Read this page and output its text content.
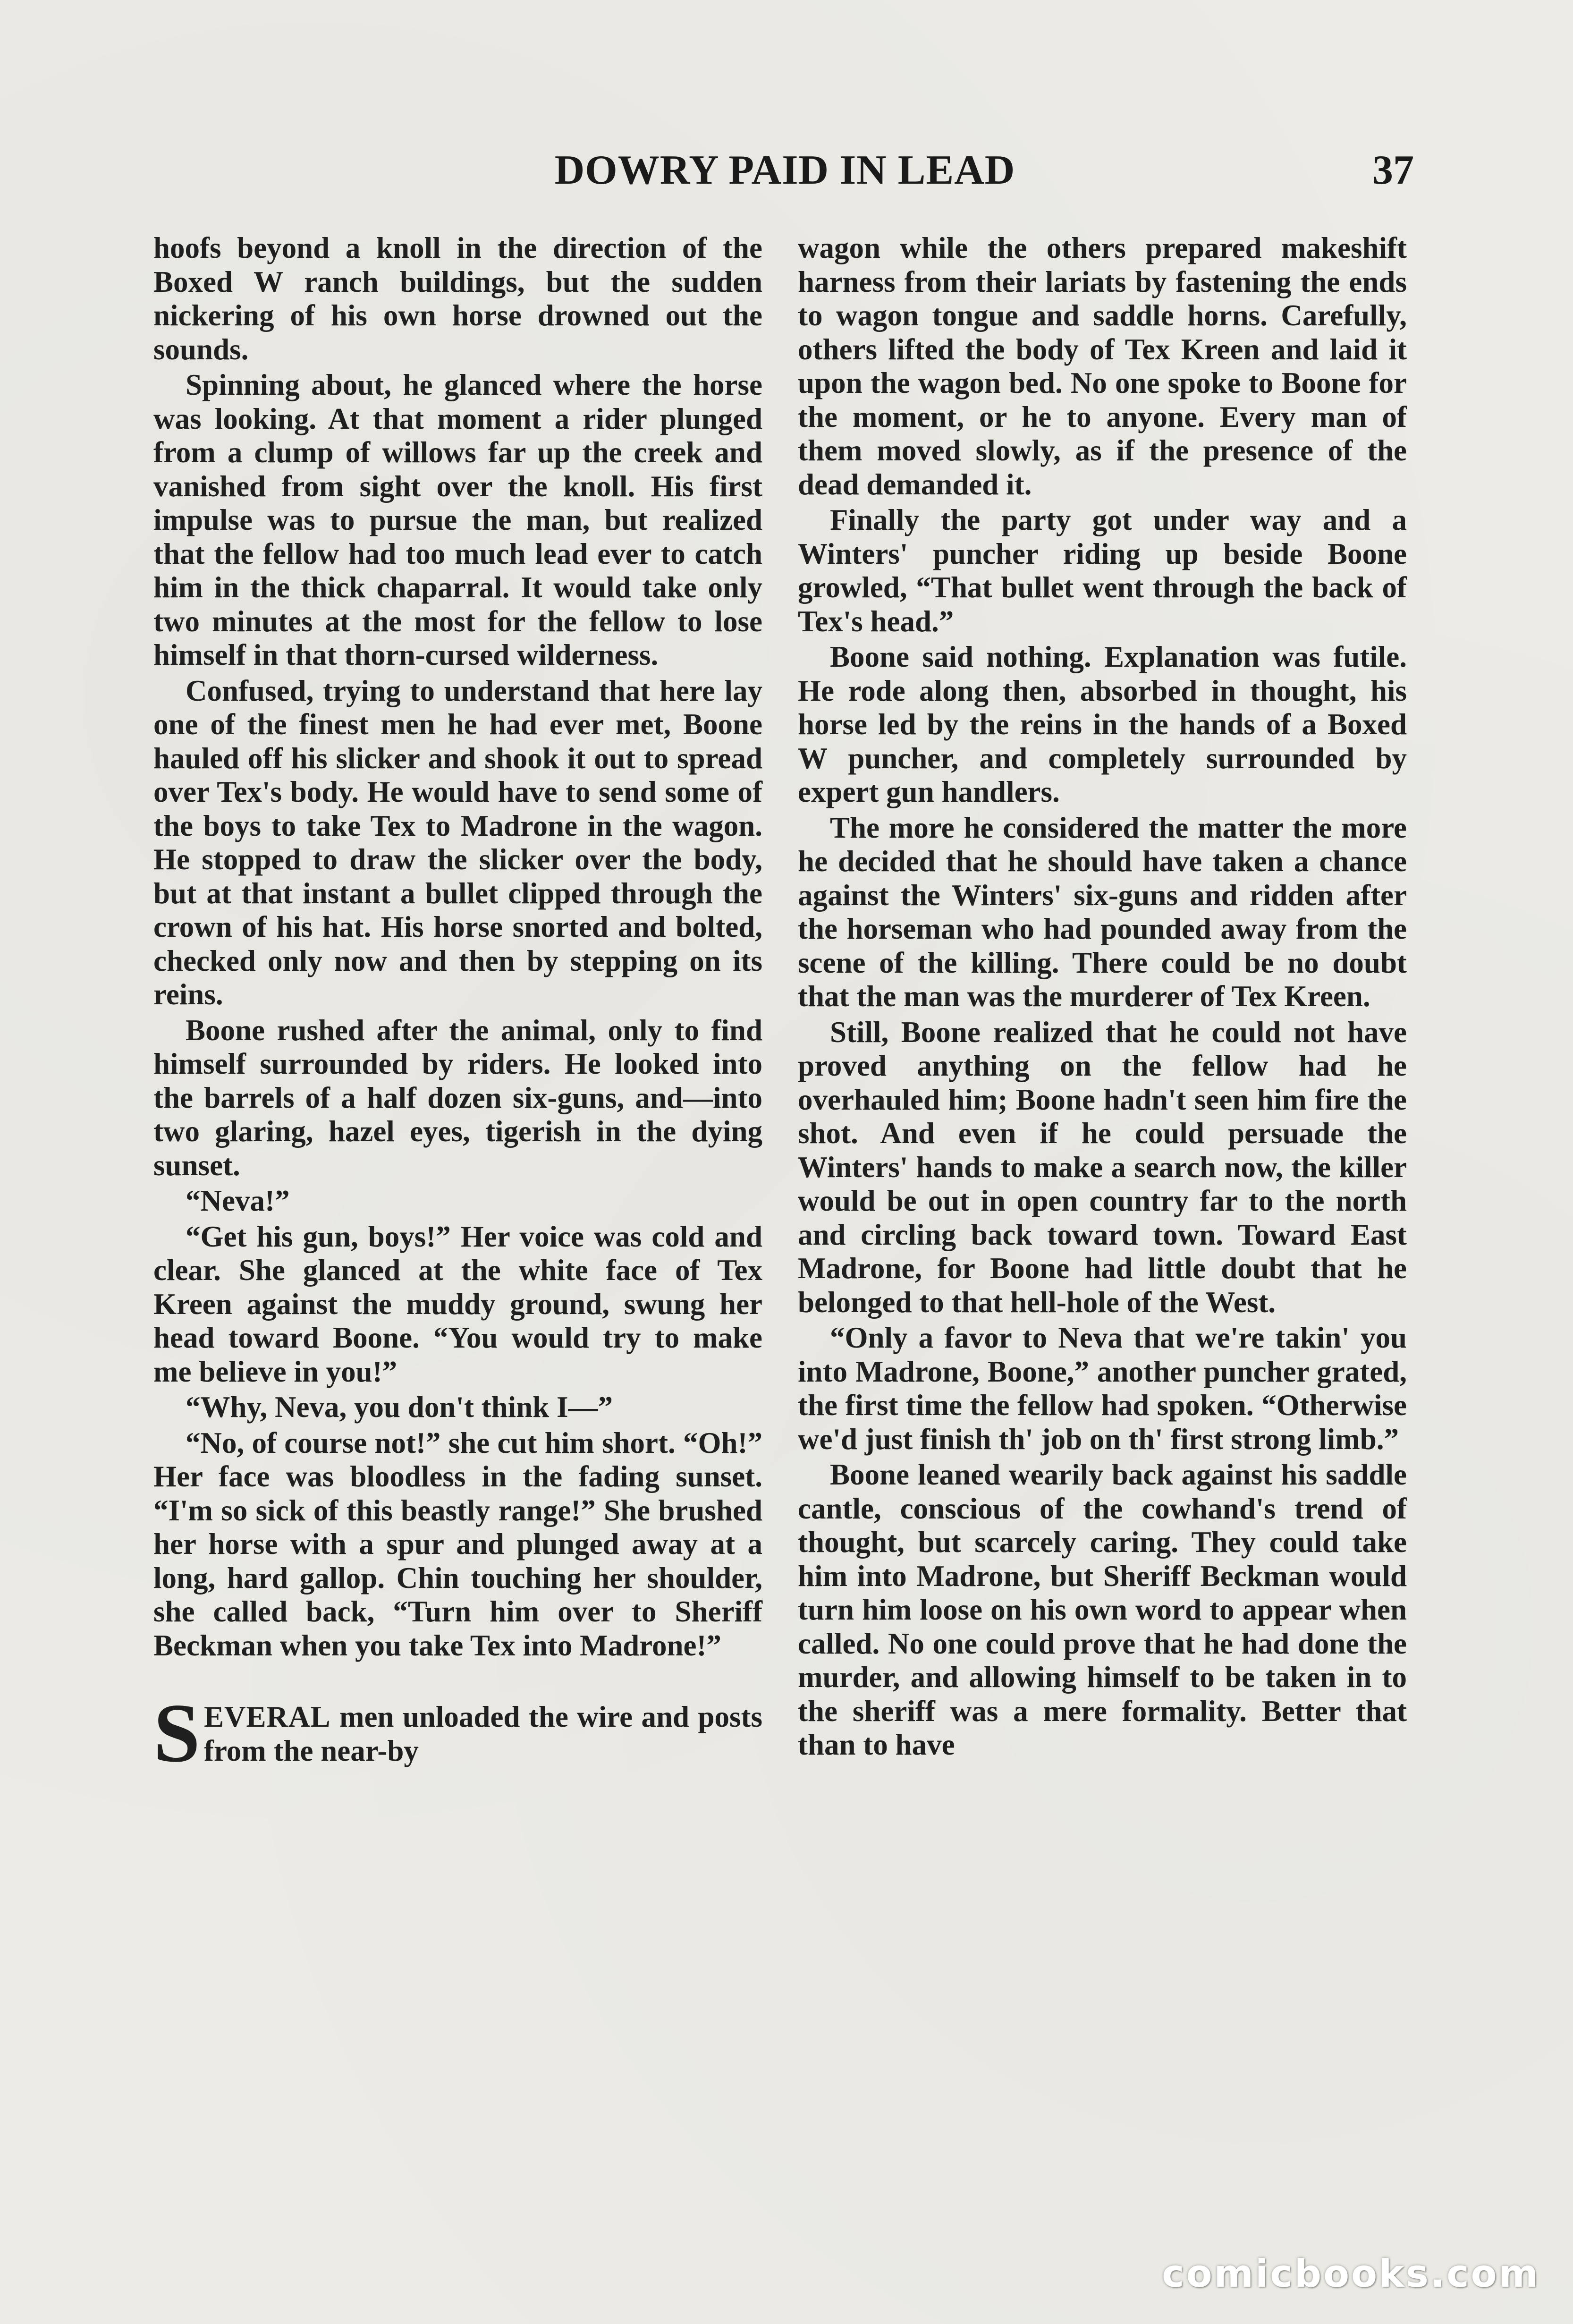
DOWRY PAID IN LEAD	37

hoofs beyond a knoll in the direction of the Boxed W ranch buildings, but the sudden nickering of his own horse drowned out the sounds.

Spinning about, he glanced where the horse was looking. At that moment a rider plunged from a clump of willows far up the creek and vanished from sight over the knoll. His first impulse was to pursue the man, but realized that the fellow had too much lead ever to catch him in the thick chaparral. It would take only two minutes at the most for the fellow to lose himself in that thorn-cursed wilderness.

Confused, trying to understand that here lay one of the finest men he had ever met, Boone hauled off his slicker and shook it out to spread over Tex's body. He would have to send some of the boys to take Tex to Madrone in the wagon. He stopped to draw the slicker over the body, but at that instant a bullet clipped through the crown of his hat. His horse snorted and bolted, checked only now and then by stepping on its reins.

Boone rushed after the animal, only to find himself surrounded by riders. He looked into the barrels of a half dozen six-guns, and—into two glaring, hazel eyes, tigerish in the dying sunset.

“Neva!”

“Get his gun, boys!” Her voice was cold and clear. She glanced at the white face of Tex Kreen against the muddy ground, swung her head toward Boone. “You would try to make me believe in you!”

“Why, Neva, you don't think I—”

“No, of course not!” she cut him short. “Oh!” Her face was bloodless in the fading sunset. “I'm so sick of this beastly range!” She brushed her horse with a spur and plunged away at a long, hard gallop. Chin touching her shoulder, she called back, “Turn him over to Sheriff Beckman when you take Tex into Madrone!”

SEVERAL men unloaded the wire and posts from the near-by

wagon while the others prepared makeshift harness from their lariats by fastening the ends to wagon tongue and saddle horns. Carefully, others lifted the body of Tex Kreen and laid it upon the wagon bed. No one spoke to Boone for the moment, or he to anyone. Every man of them moved slowly, as if the presence of the dead demanded it.

Finally the party got under way and a Winters' puncher riding up beside Boone growled, “That bullet went through the back of Tex's head.”

Boone said nothing. Explanation was futile. He rode along then, absorbed in thought, his horse led by the reins in the hands of a Boxed W puncher, and completely surrounded by expert gun handlers.

The more he considered the matter the more he decided that he should have taken a chance against the Winters' six-guns and ridden after the horseman who had pounded away from the scene of the killing. There could be no doubt that the man was the murderer of Tex Kreen.

Still, Boone realized that he could not have proved anything on the fellow had he overhauled him; Boone hadn't seen him fire the shot. And even if he could persuade the Winters' hands to make a search now, the killer would be out in open country far to the north and circling back toward town. Toward East Madrone, for Boone had little doubt that he belonged to that hell-hole of the West.

“Only a favor to Neva that we're takin' you into Madrone, Boone,” another puncher grated, the first time the fellow had spoken. “Otherwise we'd just finish th' job on th' first strong limb.”

Boone leaned wearily back against his saddle cantle, conscious of the cowhand's trend of thought, but scarcely caring. They could take him into Madrone, but Sheriff Beckman would turn him loose on his own word to appear when called. No one could prove that he had done the murder, and allowing himself to be taken in to the sheriff was a mere formality. Better that than to have

comicbooks.com
